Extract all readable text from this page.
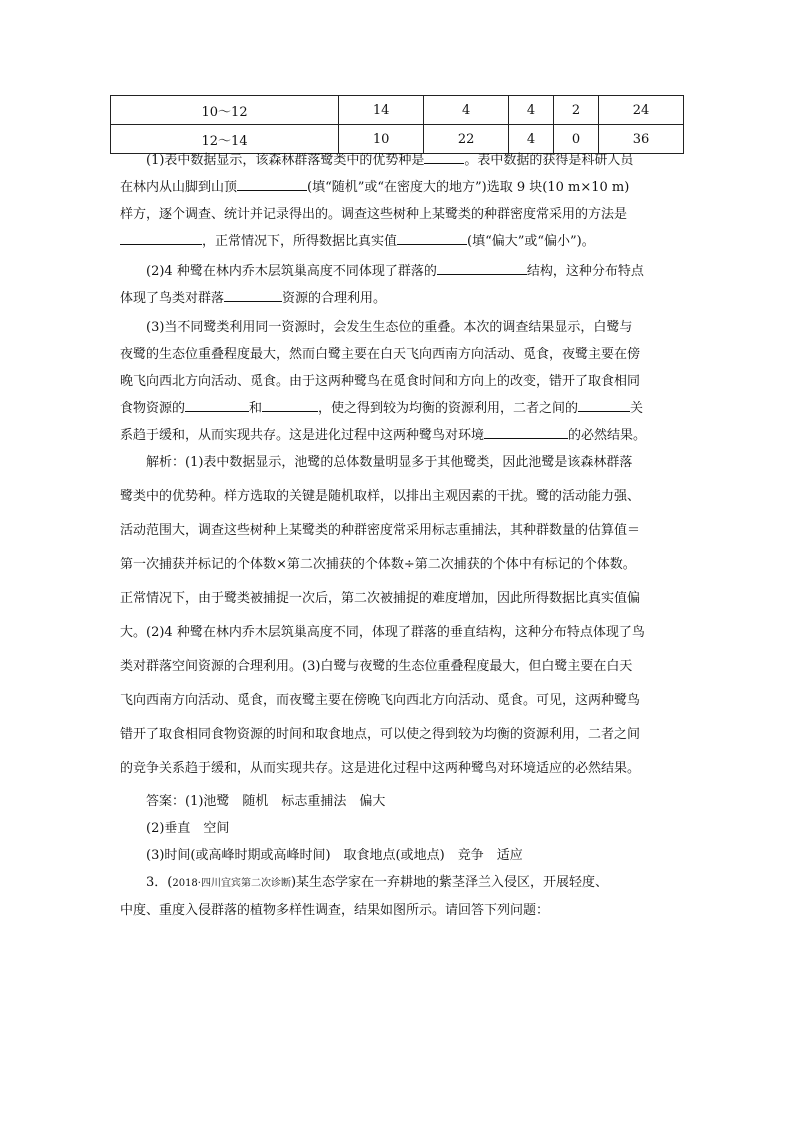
10～12	14	4	4	2	24
12～14	10	22	4	0	36
(1)表中数据显示，该森林群落鹭类中的优势种是	。表中数据的获得是科研人员
在林内从山脚到山顶	(填“随机”或“在密度大的地方”)选取 9 块(10 m×10 m)
样方，逐个调查、统计并记录得出的。调查这些树种上某鹭类的种群密度常采用的方法是
，正常情况下，所得数据比真实值	(填“偏大”或“偏小”)。
(2)4 种鹭在林内乔木层筑巢高度不同体现了群落的	结构，这种分布特点
体现了鸟类对群落	资源的合理利用。
(3)当不同鹭类利用同一资源时，会发生生态位的重叠。本次的调查结果显示，白鹭与
夜鹭的生态位重叠程度最大，然而白鹭主要在白天飞向西南方向活动、觅食，夜鹭主要在傍
晚飞向西北方向活动、觅食。由于这两种鹭鸟在觅食时间和方向上的改变，错开了取食相同
食物资源的	和	，使之得到较为均衡的资源利用，二者之间的	关
系趋于缓和，从而实现共存。这是进化过程中这两种鹭鸟对环境	的必然结果。
解析：(1)表中数据显示，池鹭的总体数量明显多于其他鹭类，因此池鹭是该森林群落
鹭类中的优势种。样方选取的关键是随机取样，以排出主观因素的干扰。鹭的活动能力强、
活动范围大，调查这些树种上某鹭类的种群密度常采用标志重捕法，其种群数量的估算值＝
第一次捕获并标记的个体数×第二次捕获的个体数÷第二次捕获的个体中有标记的个体数。
正常情况下，由于鹭类被捕捉一次后，第二次被捕捉的难度增加，因此所得数据比真实值偏
大。(2)4 种鹭在林内乔木层筑巢高度不同，体现了群落的垂直结构，这种分布特点体现了鸟
类对群落空间资源的合理利用。(3)白鹭与夜鹭的生态位重叠程度最大，但白鹭主要在白天
飞向西南方向活动、觅食，而夜鹭主要在傍晚飞向西北方向活动、觅食。可见，这两种鹭鸟
错开了取食相同食物资源的时间和取食地点，可以使之得到较为均衡的资源利用，二者之间
的竞争关系趋于缓和，从而实现共存。这是进化过程中这两种鹭鸟对环境适应的必然结果。
答案：(1)池鹭　随机　标志重捕法　偏大
(2)垂直　空间
(3)时间(或高峰时期或高峰时间)　取食地点(或地点)　竞争　适应
3．(2018·四川宜宾第二次诊断)某生态学家在一弃耕地的紫茎泽兰入侵区，开展轻度、
中度、重度入侵群落的植物多样性调查，结果如图所示。请回答下列问题：
